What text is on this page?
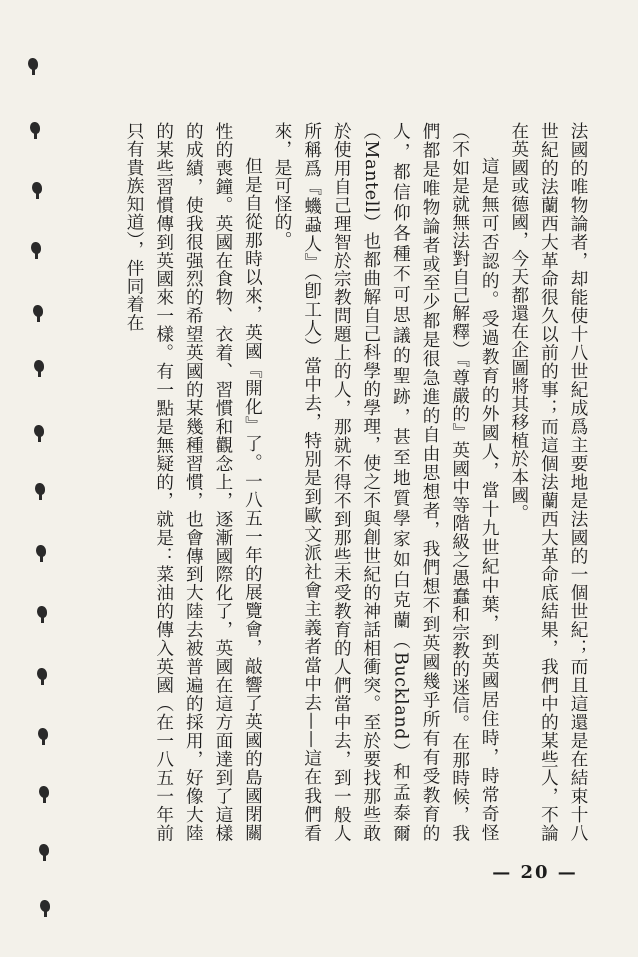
法國的唯物論者，却能使十八世紀成爲主要地是法國的一個世紀；而且這還是在結束十八世紀的法蘭西大革命很久以前的事；而這個法蘭西大革命底結果，我們中的某些人，不論在英國或德國，今天都還在企圖將其移植於本國。

這是無可否認的。受過教育的外國人，當十九世紀中葉，到英國居住時，時常奇怪（不如是就無法對自己解釋）『尊嚴的』英國中等階級之愚蠢和宗教的迷信。在那時候，我們都是唯物論者或至少都是很急進的自由思想者，我們想不到英國幾乎所有有受教育的人，都信仰各種不可思議的聖跡，甚至地質學家如白克蘭（Buckland）和孟泰爾（Mantell）也都曲解自己科學的學理，使之不與創世紀的神話相衝突。至於要找那些敢於使用自己理智於宗教問題上的人，那就不得不到那些未受教育的人們當中去，到一般人所稱爲『蟣蝨人』（卽工人）當中去，特別是到歐文派社會主義者當中去——這在我們看來，是可怪的。

但是自從那時以來，英國『開化』了。一八五一年的展覽會，敲響了英國的島國閉關性的喪鐘。英國在食物、衣着、習慣和觀念上，逐漸國際化了，英國在這方面達到了這樣的成績，使我很强烈的希望英國的某幾種習慣，也會傳到大陸去被普遍的採用，好像大陸的某些習慣傳到英國來一樣。有一點是無疑的，就是：菜油的傳入英國（在一八五一年前只有貴族知道），伴同着在

— 20 —
